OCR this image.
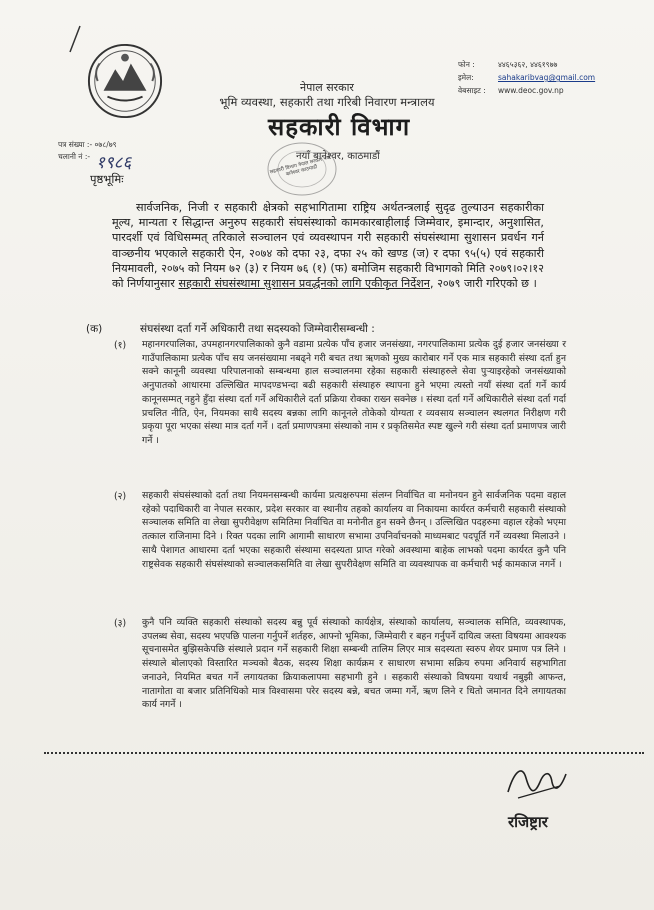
नेपाल सरकार
भूमि व्यवस्था, सहकारी तथा गरिबी निवारण मन्त्रालय
फोन :	४४६५३६२, ४४६१९७७
इमेल:	sahakaribvag@gmail.com
वेबसाइट : www.deoc.gov.np
सहकारी विभाग
नयाँ बानेश्वर, काठमाडौं
सहकारी विभाग नेपाल सरकार नयाँ बानेश्वर काठमाडौं
पत्र संख्या :- ०७८/७९
चलानी नं :- १९८६
पृष्ठभूमिः
सार्वजनिक, निजी र सहकारी क्षेत्रको सहभागितामा राष्ट्रिय अर्थतन्त्रलाई सुदृढ तुल्याउन सहकारीका मूल्य, मान्यता र सिद्धान्त अनुरुप सहकारी संघसंस्थाको कामकारबाहीलाई जिम्मेवार, इमान्दार, अनुशासित, पारदर्शी एवं विधिसम्मत् तरिकाले सञ्चालन एवं व्यवस्थापन गरी सहकारी संघसंस्थामा सुशासन प्रवर्धन गर्न वाञ्छनीय भएकाले सहकारी ऐन, २०७४ को दफा २३, दफा २५ को खण्ड (ज) र दफा ९५(५) एवं सहकारी नियमावली, २०७५ को नियम ७२ (३) र नियम ७६ (१) (फ) बमोजिम सहकारी विभागको मिति २०७९।०२।१२ को निर्णयानुसार सहकारी संघसंस्थामा सुशासन प्रवर्द्धनको लागि एकीकृत निर्देशन, २०७९ जारी गरिएको छ ।
(क)	संघसंस्था दर्ता गर्ने अधिकारी तथा सदस्यको जिम्मेवारीसम्बन्धी :
(१) महानगरपालिका, उपमहानगरपालिकाको कुनै वडामा प्रत्येक पाँच हजार जनसंख्या, नगरपालिकामा प्रत्येक दुई हजार जनसंख्या र गाउँपालिकामा प्रत्येक पाँच सय जनसंख्यामा नबढ्ने गरी बचत तथा ऋणको मुख्य कारोबार गर्ने एक मात्र सहकारी संस्था दर्ता हुन सक्ने कानूनी व्यवस्था परिपालनाको सम्बन्धमा हाल सञ्चालनमा रहेका सहकारी संस्थाहरुले सेवा पुऱ्याइरहेको जनसंख्याको अनुपातको आधारमा उल्लिखित मापदण्डभन्दा बढी सहकारी संस्थाहरु स्थापना हुने भएमा त्यस्तो नयाँ संस्था दर्ता गर्ने कार्य कानूनसम्मत् नहुने हुँदा संस्था दर्ता गर्ने अधिकारीले दर्ता प्रक्रिया रोक्का राख्न सक्नेछ । संस्था दर्ता गर्ने अधिकारीले संस्था दर्ता गर्दा प्रचलित नीति, ऐन, नियमका साथै सदस्य बन्नका लागि कानूनले तोकेको योग्यता र व्यवसाय सञ्चालन स्थलगत निरीक्षण गरी प्रकृया पूरा भएका संस्था मात्र दर्ता गर्ने । दर्ता प्रमाणपत्रमा संस्थाको नाम र प्रकृतिसमेत स्पष्ट खुल्ने गरी संस्था दर्ता प्रमाणपत्र जारी गर्ने ।
(२) सहकारी संघसंस्थाको दर्ता तथा नियमनसम्बन्धी कार्यमा प्रत्यक्षरुपमा संलग्न निर्वाचित वा मनोनयन हुने सार्वजनिक पदमा वहाल रहेको पदाधिकारी वा नेपाल सरकार, प्रदेश सरकार वा स्थानीय तहको कार्यालय वा निकायमा कार्यरत कर्मचारी सहकारी संस्थाको सञ्चालक समिति वा लेखा सुपरीवेक्षण समितिमा निर्वाचित वा मनोनीत हुन सक्ने छैनन् । उल्लिखित पदहरुमा वहाल रहेको भएमा तत्काल राजिनामा दिने । रिक्त पदका लागि आगामी साधारण सभामा उपनिर्वाचनको माध्यमबाट पदपूर्ति गर्ने व्यवस्था मिलाउने । साथै पेशागत आधारमा दर्ता भएका सहकारी संस्थामा सदस्यता प्राप्त गरेको अवस्थामा बाहेक लाभको पदमा कार्यरत कुनै पनि राष्ट्रसेवक सहकारी संघसंस्थाको सञ्चालकसमिति वा लेखा सुपरीवेक्षण समिति वा व्यवस्थापक वा कर्मचारी भई कामकाज नगर्ने ।
(३) कुनै पनि व्यक्ति सहकारी संस्थाको सदस्य बन्नु पूर्व संस्थाको कार्यक्षेत्र, संस्थाको कार्यालय, सञ्चालक समिति, व्यवस्थापक, उपलब्ध सेवा, सदस्य भएपछि पालना गर्नुपर्ने शर्तहरु, आफ्नो भूमिका, जिम्मेवारी र बहन गर्नुपर्ने दायित्व जस्ता विषयमा आवश्यक सूचनासमेत बुझिसकेपछि संस्थाले प्रदान गर्ने सहकारी शिक्षा सम्बन्धी तालिम लिएर मात्र सदस्यता स्वरुप शेयर प्रमाण पत्र लिने । संस्थाले बोलाएको विस्तारित मञ्चको बैठक, सदस्य शिक्षा कार्यक्रम र साधारण सभामा सक्रिय रुपमा अनिवार्य सहभागिता जनाउने, नियमित बचत गर्ने लगायतका क्रियाकलापमा सहभागी हुने । सहकारी संस्थाको विषयमा यथार्थ नबुझी आफन्त, नातागोता वा बजार प्रतिनिधिको मात्र विश्वासमा परेर सदस्य बन्ने, बचत जम्मा गर्ने, ऋण लिने र धितो जमानत दिने लगायतका कार्य नगर्ने ।
रजिष्ट्रार
